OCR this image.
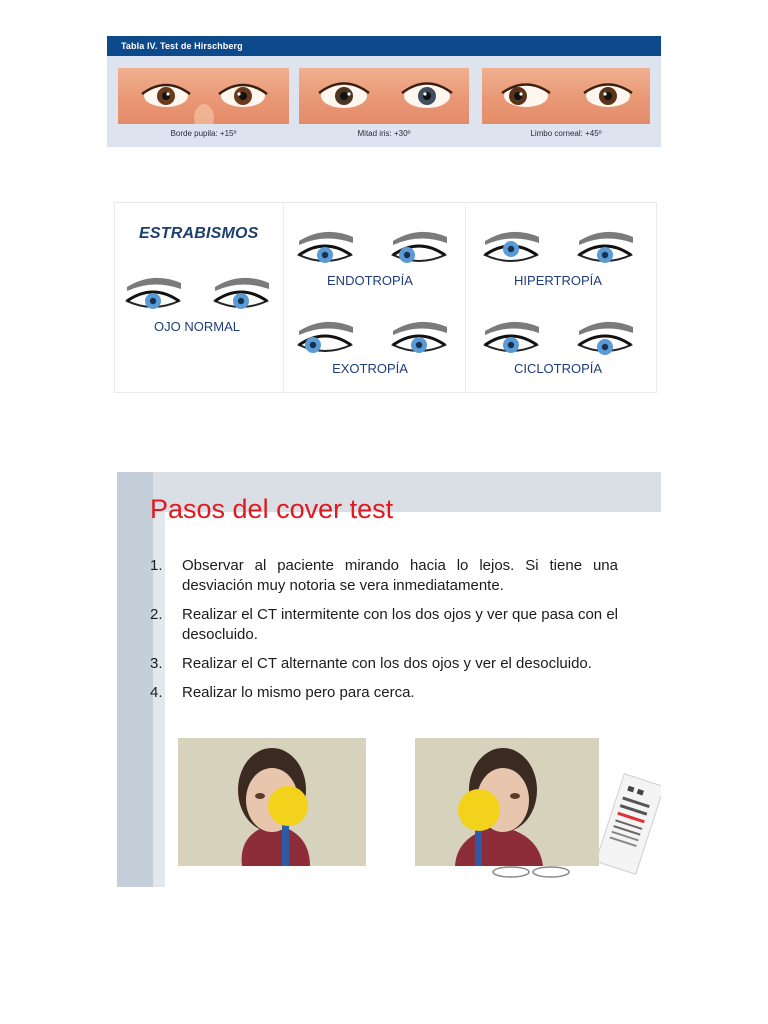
Tabla IV. Test de Hirschberg
Borde pupila: +15º	Mitad iris: +30º	Limbo corneal: +45º
ESTRABISMOS
OJO NORMAL
ENDOTROPÍA
EXOTROPÍA
HIPERTROPÍA
CICLOTROPÍA
Pasos del cover test
1. Observar al paciente mirando hacia lo lejos. Si tiene una desviación muy notoria se vera inmediatamente.
2. Realizar el CT intermitente con los dos ojos y ver que pasa con el desocluido.
3. Realizar el CT alternante con los dos ojos y ver el desocluido.
4. Realizar lo mismo pero para cerca.
